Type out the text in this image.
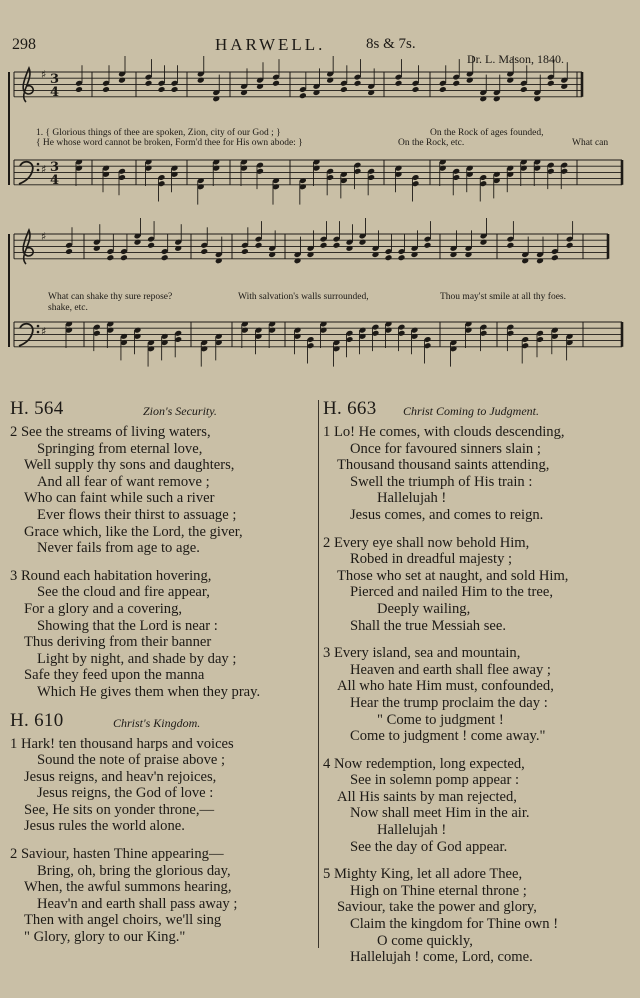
298	HARWELL.	8s & 7s.
Dr. L. Mason, 1840.
♯ 3
4
♯ 3
4
♯
♯
1. { Glorious things of thee are spoken, Zion, city of our God ; }
{ He whose word cannot be broken, Form'd thee for His own abode: }
On the Rock of ages founded,
On the Rock, etc.	What can
What can shake thy sure repose?	With salvation's walls surrounded,	Thou may'st smile at all thy foes.
shake, etc.
H. 564	Zion's Security.
2 See the streams of living waters,
Springing from eternal love,
Well supply thy sons and daughters,
And all fear of want remove ;
Who can faint while such a river
Ever flows their thirst to assuage ;
Grace which, like the Lord, the giver,
Never fails from age to age.
3 Round each habitation hovering,
See the cloud and fire appear,
For a glory and a covering,
Showing that the Lord is near :
Thus deriving from their banner
Light by night, and shade by day ;
Safe they feed upon the manna
Which He gives them when they pray.
H. 610	Christ's Kingdom.
1 Hark! ten thousand harps and voices
Sound the note of praise above ;
Jesus reigns, and heav'n rejoices,
Jesus reigns, the God of love :
See, He sits on yonder throne,—
Jesus rules the world alone.
2 Saviour, hasten Thine appearing—
Bring, oh, bring the glorious day,
When, the awful summons hearing,
Heav'n and earth shall pass away ;
Then with angel choirs, we'll sing
" Glory, glory to our King."
H. 663 Christ Coming to Judgment.
1 Lo! He comes, with clouds descending,
Once for favoured sinners slain ;
Thousand thousand saints attending,
Swell the triumph of His train :
Hallelujah !
Jesus comes, and comes to reign.
2 Every eye shall now behold Him,
Robed in dreadful majesty ;
Those who set at naught, and sold Him,
Pierced and nailed Him to the tree,
Deeply wailing,
Shall the true Messiah see.
3 Every island, sea and mountain,
Heaven and earth shall flee away ;
All who hate Him must, confounded,
Hear the trump proclaim the day :
" Come to judgment !
Come to judgment ! come away."
4 Now redemption, long expected,
See in solemn pomp appear :
All His saints by man rejected,
Now shall meet Him in the air.
Hallelujah !
See the day of God appear.
5 Mighty King, let all adore Thee,
High on Thine eternal throne ;
Saviour, take the power and glory,
Claim the kingdom for Thine own !
O come quickly,
Hallelujah ! come, Lord, come.
